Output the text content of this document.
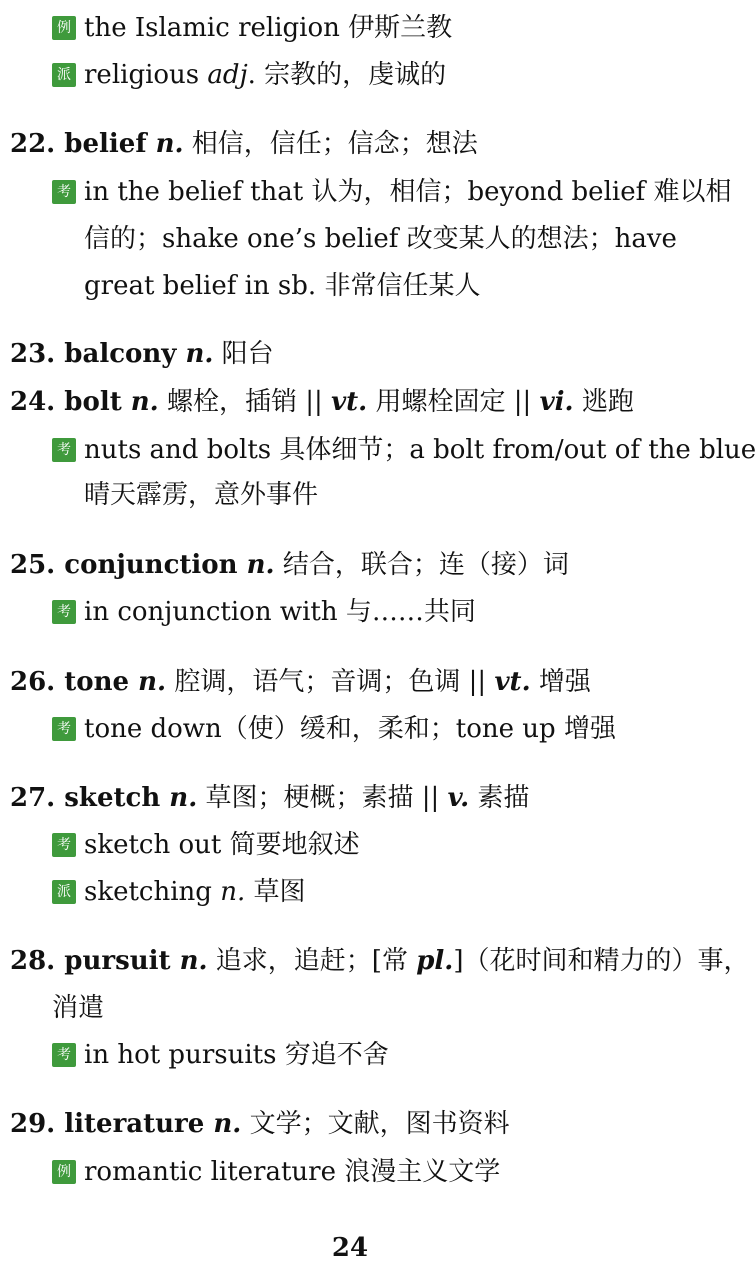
例 the Islamic religion 伊斯兰教
派 religious adj. 宗教的，虔诚的
22. belief n. 相信，信任；信念；想法
考 in the belief that 认为，相信；beyond belief 难以相
信的；shake one’s belief 改变某人的想法；have
great belief in sb. 非常信任某人
23. balcony n. 阳台
24. bolt n. 螺栓，插销 || vt. 用螺栓固定 || vi. 逃跑
考 nuts and bolts 具体细节；a bolt from/out of the blue
晴天霹雳，意外事件
25. conjunction n. 结合，联合；连（接）词
考 in conjunction with 与……共同
26. tone n. 腔调，语气；音调；色调 || vt. 增强
考 tone down（使）缓和，柔和；tone up 增强
27. sketch n. 草图；梗概；素描 || v. 素描
考 sketch out 简要地叙述
派 sketching n. 草图
28. pursuit n. 追求，追赶；[常 pl.]（花时间和精力的）事，
消遣
考 in hot pursuits 穷追不舍
29. literature n. 文学；文献，图书资料
例 romantic literature 浪漫主义文学
24
